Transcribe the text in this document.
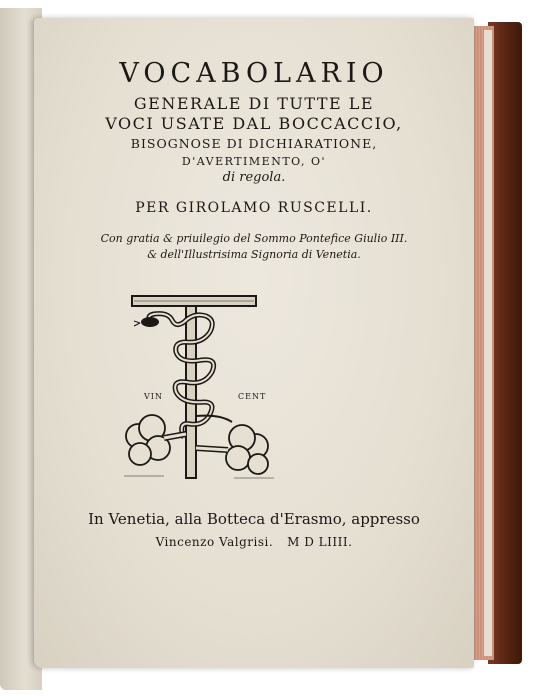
VOCABOLARIO
GENERALE DI TUTTE LE
VOCI USATE DAL BOCCACCIO,
BISOGNOSE DI DICHIARATIONE,
D'AVERTIMENTO, O'
di regola.
PER GIROLAMO RUSCELLI.
Con gratia & priuilegio del Sommo Pontefice Giulio III.
& dell'Illustrisima Signoria di Venetia.
VIN	CENT
In Venetia, alla Botteca d'Erasmo, appresso
Vincenzo Valgrisi. M D LIIII.
